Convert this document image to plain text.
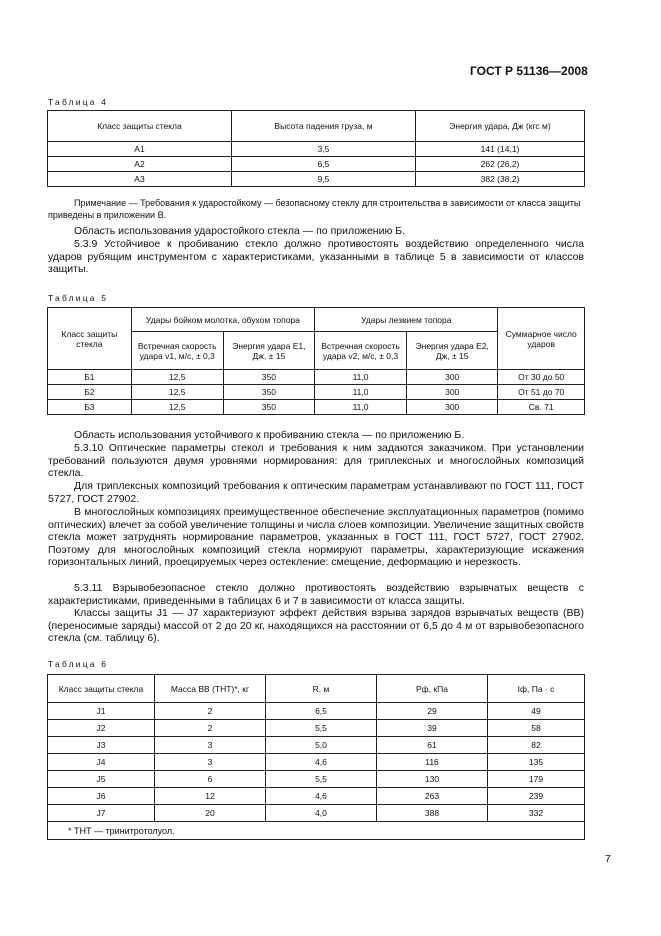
ГОСТ Р 51136—2008
Таблица 4
Класс защиты стекла	Высота падения груза, м	Энергия удара, Дж (кгс м)
А1	3,5	141 (14,1)
А2	6,5	262 (26,2)
А3	9,5	382 (38,2)
Примечание — Требования к ударостойкому — безопасному стеклу для строительства в зависимости от класса защиты приведены в приложении В.
Область использования ударостойкого стекла — по приложению Б.
5.3.9 Устойчивое к пробиванию стекло должно противостоять воздействию определенного числа ударов рубящим инструментом с характеристиками, указанными в таблице 5 в зависимости от классов защиты.
Таблица 5
Класс защиты стекла	Удары бойком молотка, обухом топора		Удары лезвием топора		Суммарное число ударов
	Встречная скорость удара v1, м/с, ± 0,3	Энергия удара Е1, Дж, ± 15	Встречная скорость удара v2, м/с, ± 0,3	Энергия удара Е2, Дж, ± 15	
Б1	12,5	350	11,0	300	От 30 до 50
Б2	12,5	350	11,0	300	От 51 до 70
Б3	12,5	350	11,0	300	Св. 71
Область использования устойчивого к пробиванию стекла — по приложению Б.
5.3.10 Оптические параметры стекол и требования к ним задаются заказчиком. При установлении требований пользуются двумя уровнями нормирования: для триплексных и многослойных композиций стекла.
Для триплексных композиций требования к оптическим параметрам устанавливают по ГОСТ 111, ГОСТ 5727, ГОСТ 27902.
В многослойных композициях преимущественное обеспечение эксплуатационных параметров (помимо оптических) влечет за собой увеличение толщины и числа слоев композиции. Увеличение защитных свойств стекла может затруднять нормирование параметров, указанных в ГОСТ 111, ГОСТ 5727, ГОСТ 27902. Поэтому для многослойных композиций стекла нормируют параметры, характеризующие искажения горизонтальных линий, проецируемых через остекление: смещение, деформацию и нерезкость.
5.3.11 Взрывобезопасное стекло должно противостоять воздействию взрывчатых веществ с характеристиками, приведенными в таблицах 6 и 7 в зависимости от класса защиты.
Классы защиты J1 — J7 характеризуют эффект действия взрыва зарядов взрывчатых веществ (ВВ) (переносимые заряды) массой от 2 до 20 кг, находящихся на расстоянии от 6,5 до 4 м от взрывобезопасного стекла (см. таблицу 6).
Таблица 6
Класс защиты стекла	Масса ВВ (ТНТ)*, кг	R, м	Pф, кПа	Iф, Па · с
J1	2	6,5	29	49
J2	2	5,5	39	58
J3	3	5,0	61	82
J4	3	4,6	116	135
J5	6	5,5	130	179
J6	12	4,6	263	239
J7	20	4,0	388	332
* ТНТ — тринитротолуол.				
7
